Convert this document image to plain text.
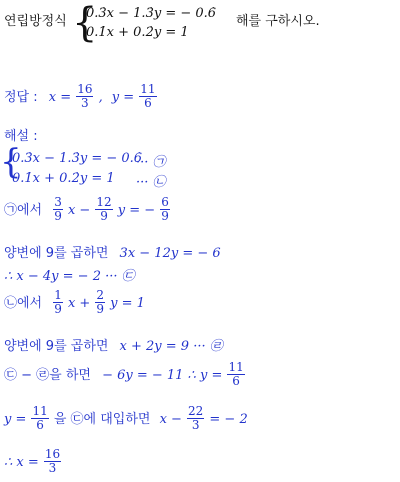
연립방정식 {
0.3̇x − 1.3̇y = − 0.6̇
0.1̇x + 0.2̇y = 1
해를 구하시오.
정답 : $x = \frac{16}{3}$ , $y = \frac{11}{6}$
해설 :
{
0.3̇x − 1.3̇y = − 0.6̇
··· ㉠
0.1̇x + 0.2̇y = 1 ··· ㉡
㉠에서 $\frac{3}{9}$ $x - \frac{12}{9}$ y = − $\frac{6}{9}$
양변에 9를 곱하면 3x − 12y = − 6
∴ x − 4y = − 2 ··· ㉢
㉡에서 $\frac{1}{9}$ $x + \frac{2}{9}$ y = 1
양변에 9를 곱하면 x + 2y = 9 ··· ㉣
㉢ − ㉣을 하면 − 6y = − 11 ∴ $y = \frac{11}{6}$
$y = \frac{11}{6}$ 을 ㉢에 대입하면 $x - \frac{22}{3}$ = − 2
∴ $x = \frac{16}{3}$
